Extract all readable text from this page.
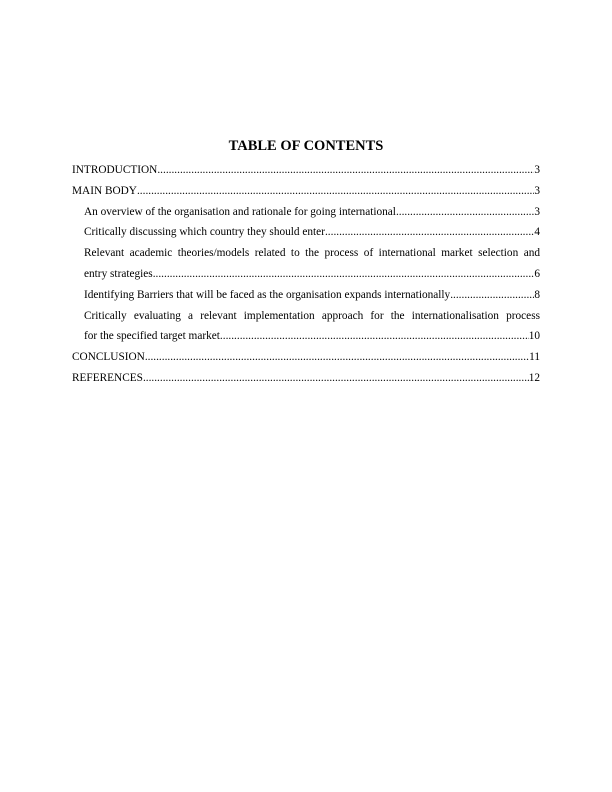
TABLE OF CONTENTS
INTRODUCTION .....	3
MAIN BODY .....	3
An overview of the organisation and rationale for going international .....	3
Critically discussing which country they should enter .....	4
Relevant academic theories/models related to the process of international market selection and
entry strategies .....	6
Identifying Barriers that will be faced as the organisation expands internationally .....	8
Critically evaluating a relevant implementation approach for the internationalisation process
for the specified target market .....	10
CONCLUSION .....	11
REFERENCES .....	12
